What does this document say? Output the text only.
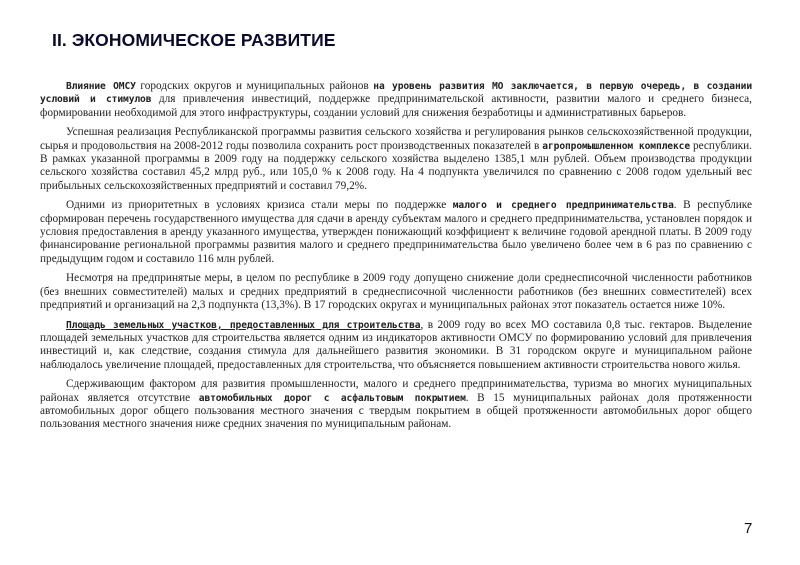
II. ЭКОНОМИЧЕСКОЕ РАЗВИТИЕ

Влияние ОМСУ городских округов и муниципальных районов на уровень развития МО заключается, в первую очередь, в создании условий и стимулов для привлечения инвестиций, поддержке предпринимательской активности, развитии малого и среднего бизнеса, формировании необходимой для этого инфраструктуры, создании условий для снижения безработицы и административных барьеров.

Успешная реализация Республиканской программы развития сельского хозяйства и регулирования рынков сельскохозяйственной продукции, сырья и продовольствия на 2008-2012 годы позволила сохранить рост производственных показателей в агропромышленном комплексе республики. В рамках указанной программы в 2009 году на поддержку сельского хозяйства выделено 1385,1 млн рублей. Объем производства продукции сельского хозяйства составил 45,2 млрд руб., или 105,0 % к 2008 году. На 4 подпункта увеличился по сравнению с 2008 годом удельный вес прибыльных сельскохозяйственных предприятий и составил 79,2%.

Одними из приоритетных в условиях кризиса стали меры по поддержке малого и среднего предпринимательства. В республике сформирован перечень государственного имущества для сдачи в аренду субъектам малого и среднего предпринимательства, установлен порядок и условия предоставления в аренду указанного имущества, утвержден понижающий коэффициент к величине годовой арендной платы. В 2009 году финансирование региональной программы развития малого и среднего предпринимательства было увеличено более чем в 6 раз по сравнению с предыдущим годом и составило 116 млн рублей.

Несмотря на предпринятые меры, в целом по республике в 2009 году допущено снижение доли среднесписочной численности работников (без внешних совместителей) малых и средних предприятий в среднесписочной численности работников (без внешних совместителей) всех предприятий и организаций на 2,3 подпункта (13,3%). В 17 городских округах и муниципальных районах этот показатель остается ниже 10%.

Площадь земельных участков, предоставленных для строительства, в 2009 году во всех МО составила 0,8 тыс. гектаров. Выделение площадей земельных участков для строительства является одним из индикаторов активности ОМСУ по формированию условий для привлечения инвестиций и, как следствие, создания стимула для дальнейшего развития экономики. В 31 городском округе и муниципальном районе наблюдалось увеличение площадей, предоставленных для строительства, что объясняется повышением активности строительства нового жилья.

Сдерживающим фактором для развития промышленности, малого и среднего предпринимательства, туризма во многих муниципальных районах является отсутствие автомобильных дорог с асфальтовым покрытием. В 15 муниципальных районах доля протяженности автомобильных дорог общего пользования местного значения с твердым покрытием в общей протяженности автомобильных дорог общего пользования местного значения ниже средних значения по муниципальным районам.

7
